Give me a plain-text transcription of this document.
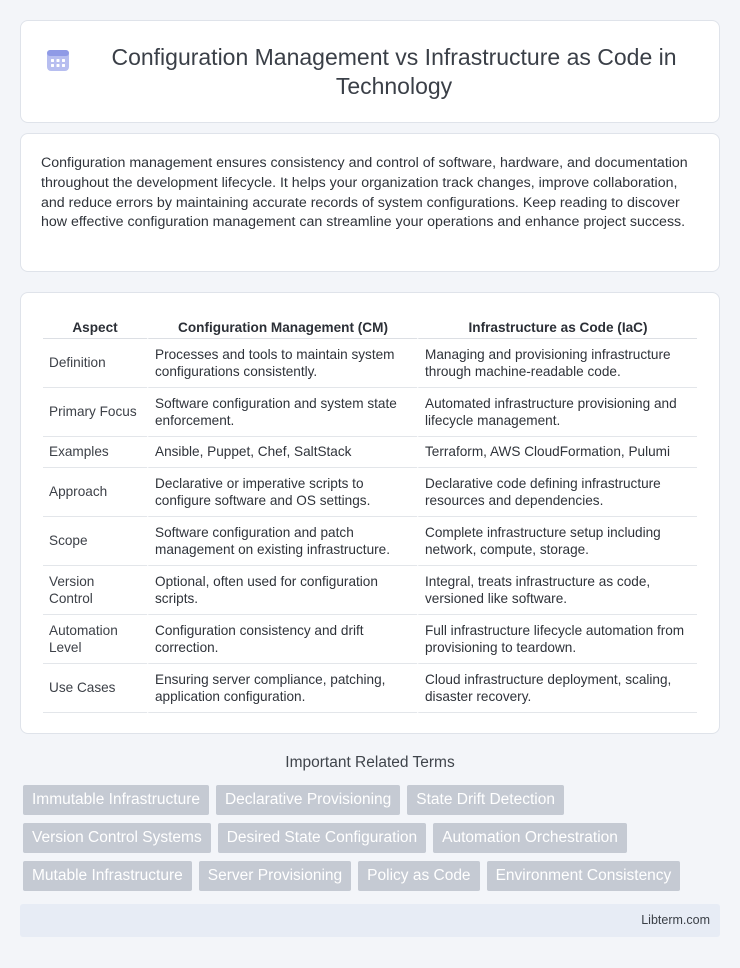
Configuration Management vs Infrastructure as Code in Technology

Configuration management ensures consistency and control of software, hardware, and documentation throughout the development lifecycle. It helps your organization track changes, improve collaboration, and reduce errors by maintaining accurate records of system configurations. Keep reading to discover how effective configuration management can streamline your operations and enhance project success.

Aspect	Configuration Management (CM)	Infrastructure as Code (IaC)
Definition	Processes and tools to maintain system configurations consistently.	Managing and provisioning infrastructure through machine-readable code.
Primary Focus	Software configuration and system state enforcement.	Automated infrastructure provisioning and lifecycle management.
Examples	Ansible, Puppet, Chef, SaltStack	Terraform, AWS CloudFormation, Pulumi
Approach	Declarative or imperative scripts to configure software and OS settings.	Declarative code defining infrastructure resources and dependencies.
Scope	Software configuration and patch management on existing infrastructure.	Complete infrastructure setup including network, compute, storage.
Version Control	Optional, often used for configuration scripts.	Integral, treats infrastructure as code, versioned like software.
Automation Level	Configuration consistency and drift correction.	Full infrastructure lifecycle automation from provisioning to teardown.
Use Cases	Ensuring server compliance, patching, application configuration.	Cloud infrastructure deployment, scaling, disaster recovery.
Important Related Terms
Immutable Infrastructure	Declarative Provisioning	State Drift Detection
Version Control Systems	Desired State Configuration	Automation Orchestration
Mutable Infrastructure	Server Provisioning	Policy as Code	Environment Consistency
Libterm.com
